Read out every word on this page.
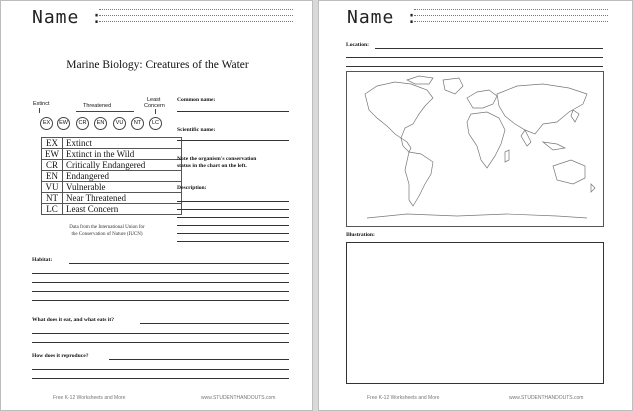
Name :
Marine Biology: Creatures of the Water
Extinct	Threatened
Least
Concern
EX	EW	CR	EN	VU	NT	LC
EX	Extinct
EW	Extinct in the Wild
CR	Critically Endangered
EN	Endangered
VU	Vulnerable
NT	Near Threatened
LC	Least Concern
Data from the International Union for
the Conservation of Nature (IUCN)
Common name:
Scientific name:
Note the organism's conservation
status in the chart on the left.
Description:
Habitat:
What does it eat, and what eats it?
How does it reproduce?
Free K-12 Worksheets and More	www.STUDENTHANDOUTS.com
Name :
Location:
Illustration:
Free K-12 Worksheets and More	www.STUDENTHANDOUTS.com
